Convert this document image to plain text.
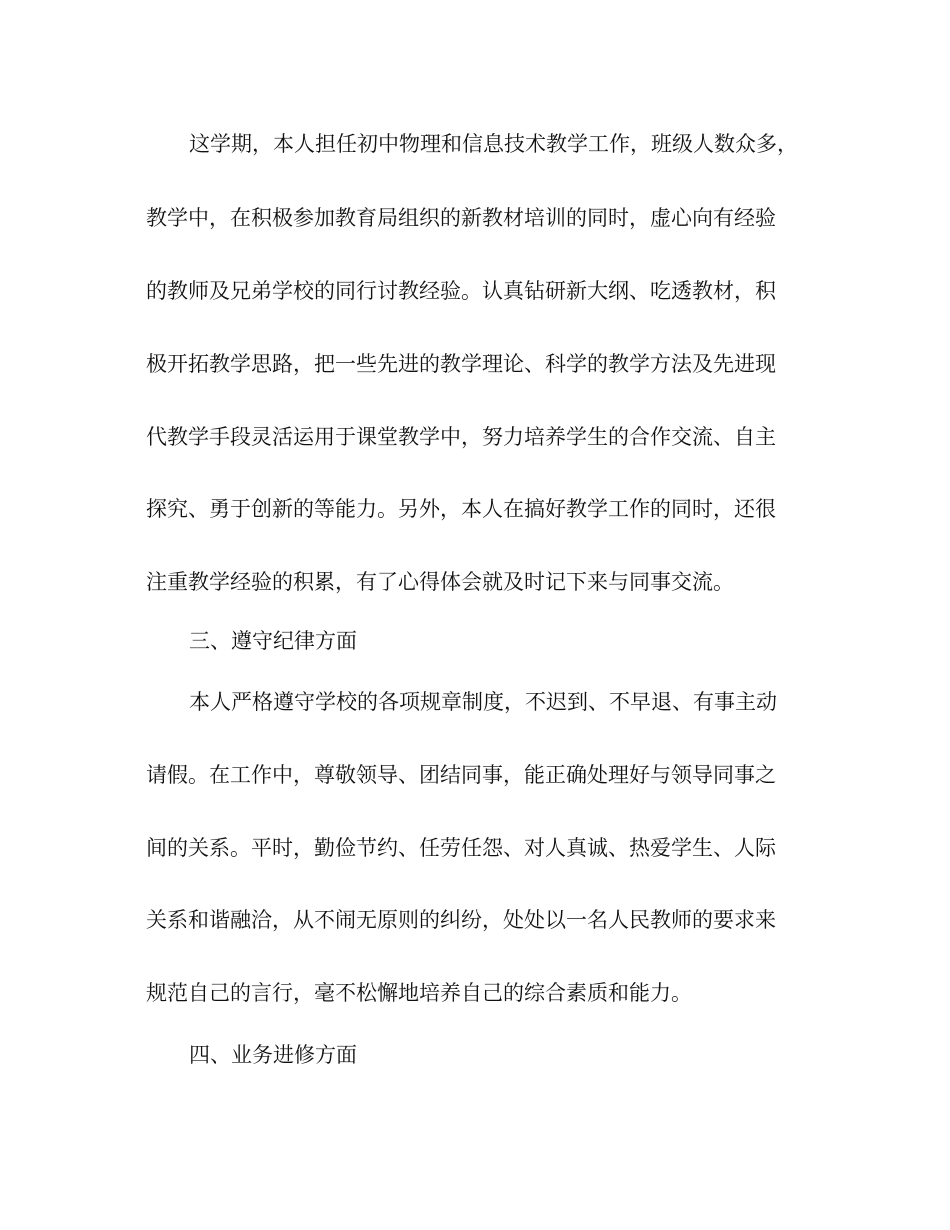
这学期，本人担任初中物理和信息技术教学工作，班级人数众多，

教学中，在积极参加教育局组织的新教材培训的同时，虚心向有经验

的教师及兄弟学校的同行讨教经验。认真钻研新大纲、吃透教材，积

极开拓教学思路，把一些先进的教学理论、科学的教学方法及先进现

代教学手段灵活运用于课堂教学中，努力培养学生的合作交流、自主

探究、勇于创新的等能力。另外，本人在搞好教学工作的同时，还很

注重教学经验的积累，有了心得体会就及时记下来与同事交流。

三、遵守纪律方面

本人严格遵守学校的各项规章制度，不迟到、不早退、有事主动

请假。在工作中，尊敬领导、团结同事，能正确处理好与领导同事之

间的关系。平时，勤俭节约、任劳任怨、对人真诚、热爱学生、人际

关系和谐融洽，从不闹无原则的纠纷，处处以一名人民教师的要求来

规范自己的言行，毫不松懈地培养自己的综合素质和能力。

四、业务进修方面
